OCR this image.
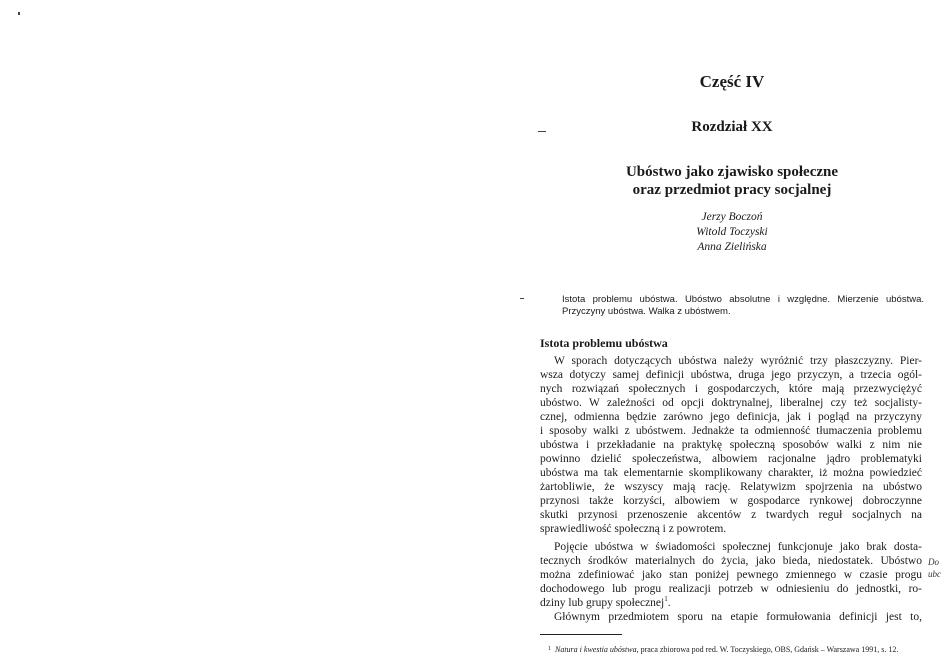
Część IV
Rozdział XX
Ubóstwo jako zjawisko społeczne
oraz przedmiot pracy socjalnej
Jerzy Boczoń
Witold Toczyski
Anna Zielińska
Istota problemu ubóstwa. Ubóstwo absolutne i względne. Mierzenie ubóstwa. Przyczyny ubóstwa. Walka z ubóstwem.
Istota problemu ubóstwa
W sporach dotyczących ubóstwa należy wyróżnić trzy płaszczyzny. Pier-
wsza dotyczy samej definicji ubóstwa, druga jego przyczyn, a trzecia ogól-
nych rozwiązań społecznych i gospodarczych, które mają przezwyciężyć
ubóstwo. W zależności od opcji doktrynalnej, liberalnej czy też socjalisty-
cznej, odmienna będzie zarówno jego definicja, jak i pogląd na przyczyny
i sposoby walki z ubóstwem. Jednakże ta odmienność tłumaczenia problemu
ubóstwa i przekładanie na praktykę społeczną sposobów walki z nim nie
powinno dzielić społeczeństwa, albowiem racjonalne jądro problematyki
ubóstwa ma tak elementarnie skomplikowany charakter, iż można powiedzieć
żartobliwie, że wszyscy mają rację. Relatywizm spojrzenia na ubóstwo
przynosi także korzyści, albowiem w gospodarce rynkowej dobroczynne
skutki przynosi przenoszenie akcentów z twardych reguł socjalnych na
sprawiedliwość społeczną i z powrotem.
Pojęcie ubóstwa w świadomości społecznej funkcjonuje jako brak dosta-
tecznych środków materialnych do życia, jako bieda, niedostatek. Ubóstwo
można zdefiniować jako stan poniżej pewnego zmiennego w czasie progu
dochodowego lub progu realizacji potrzeb w odniesieniu do jednostki, ro-
dziny lub grupy społecznej$^1$.
Głównym przedmiotem sporu na etapie formułowania definicji jest to,
$^1$ Natura i kwestia ubóstwa, praca zbiorowa pod red. W. Toczyskiego, OBS, Gdańsk – Warszawa 1991, s. 12.
Do
ubc
